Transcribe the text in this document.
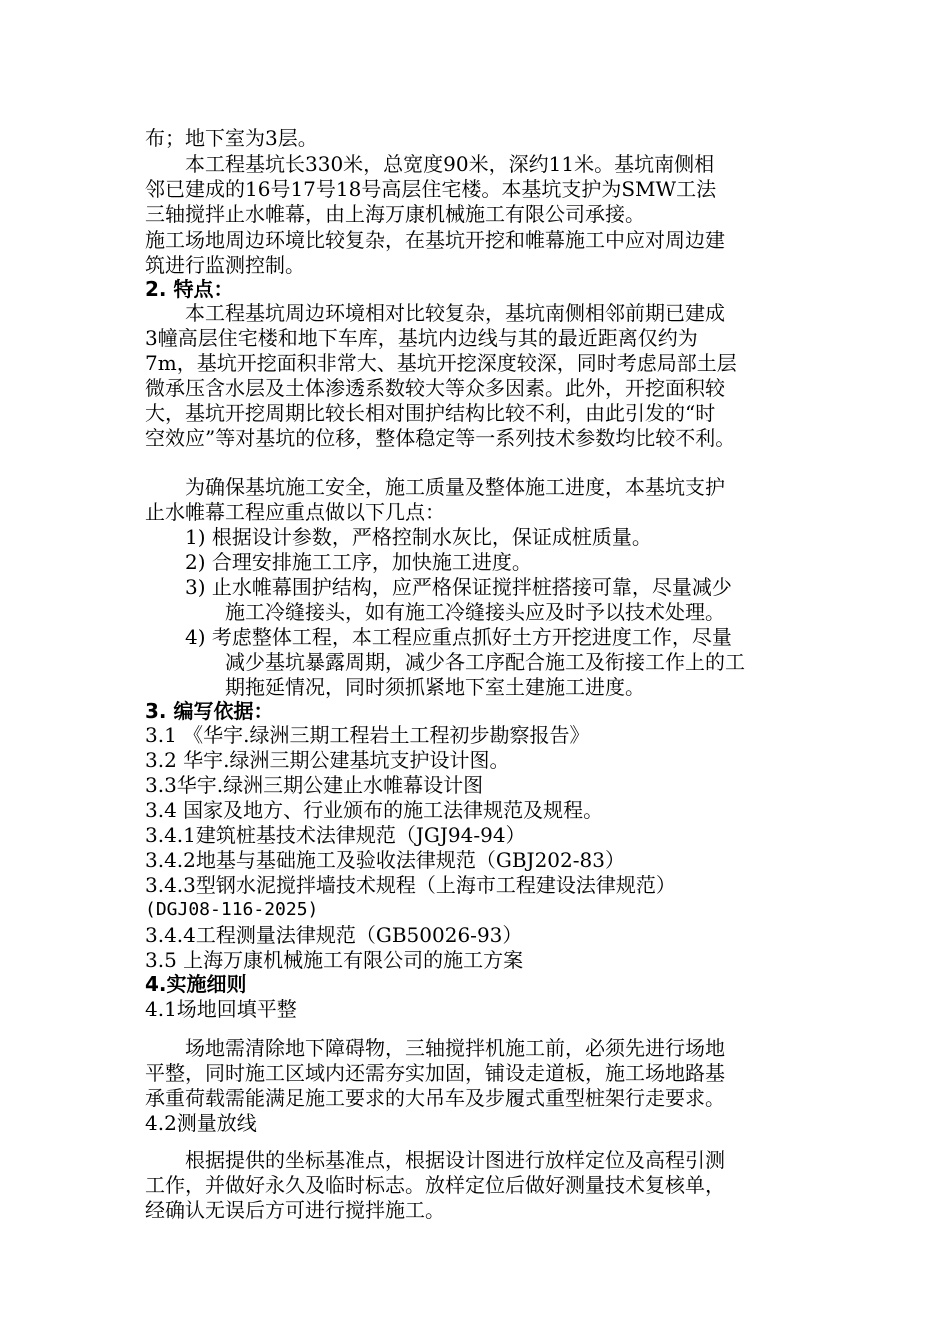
布；地下室为3层。
　　本工程基坑长330米，总宽度90米，深约11米。基坑南侧相
邻已建成的16号17号18号高层住宅楼。本基坑支护为SMW工法
三轴搅拌止水帷幕，由上海万康机械施工有限公司承接。
施工场地周边环境比较复杂，在基坑开挖和帷幕施工中应对周边建
筑进行监测控制。
2. 特点：
　　本工程基坑周边环境相对比较复杂，基坑南侧相邻前期已建成
3幢高层住宅楼和地下车库，基坑内边线与其的最近距离仅约为
7m，基坑开挖面积非常大、基坑开挖深度较深，同时考虑局部土层
微承压含水层及土体渗透系数较大等众多因素。此外，开挖面积较
大，基坑开挖周期比较长相对围护结构比较不利，由此引发的“时
空效应”等对基坑的位移，整体稳定等一系列技术参数均比较不利。
　　为确保基坑施工安全，施工质量及整体施工进度，本基坑支护
止水帷幕工程应重点做以下几点：
　　1) 根据设计参数，严格控制水灰比，保证成桩质量。
　　2) 合理安排施工工序，加快施工进度。
　　3) 止水帷幕围护结构，应严格保证搅拌桩搭接可靠，尽量减少
　　　　施工冷缝接头，如有施工冷缝接头应及时予以技术处理。
　　4) 考虑整体工程，本工程应重点抓好土方开挖进度工作，尽量
　　　　减少基坑暴露周期，减少各工序配合施工及衔接工作上的工
　　　　期拖延情况，同时须抓紧地下室土建施工进度。
3. 编写依据：
3.1 《华宇.绿洲三期工程岩土工程初步勘察报告》
3.2 华宇.绿洲三期公建基坑支护设计图。
3.3华宇.绿洲三期公建止水帷幕设计图
3.4 国家及地方、行业颁布的施工法律规范及规程。
3.4.1建筑桩基技术法律规范（JGJ94-94）
3.4.2地基与基础施工及验收法律规范（GBJ202-83）
3.4.3型钢水泥搅拌墙技术规程（上海市工程建设法律规范）
(DGJ08-116-2025)
3.4.4工程测量法律规范（GB50026-93）
3.5 上海万康机械施工有限公司的施工方案
4.实施细则
4.1场地回填平整
　　场地需清除地下障碍物，三轴搅拌机施工前，必须先进行场地
平整，同时施工区域内还需夯实加固，铺设走道板，施工场地路基
承重荷载需能满足施工要求的大吊车及步履式重型桩架行走要求。
4.2测量放线
　　根据提供的坐标基准点，根据设计图进行放样定位及高程引测
工作，并做好永久及临时标志。放样定位后做好测量技术复核单，
经确认无误后方可进行搅拌施工。
